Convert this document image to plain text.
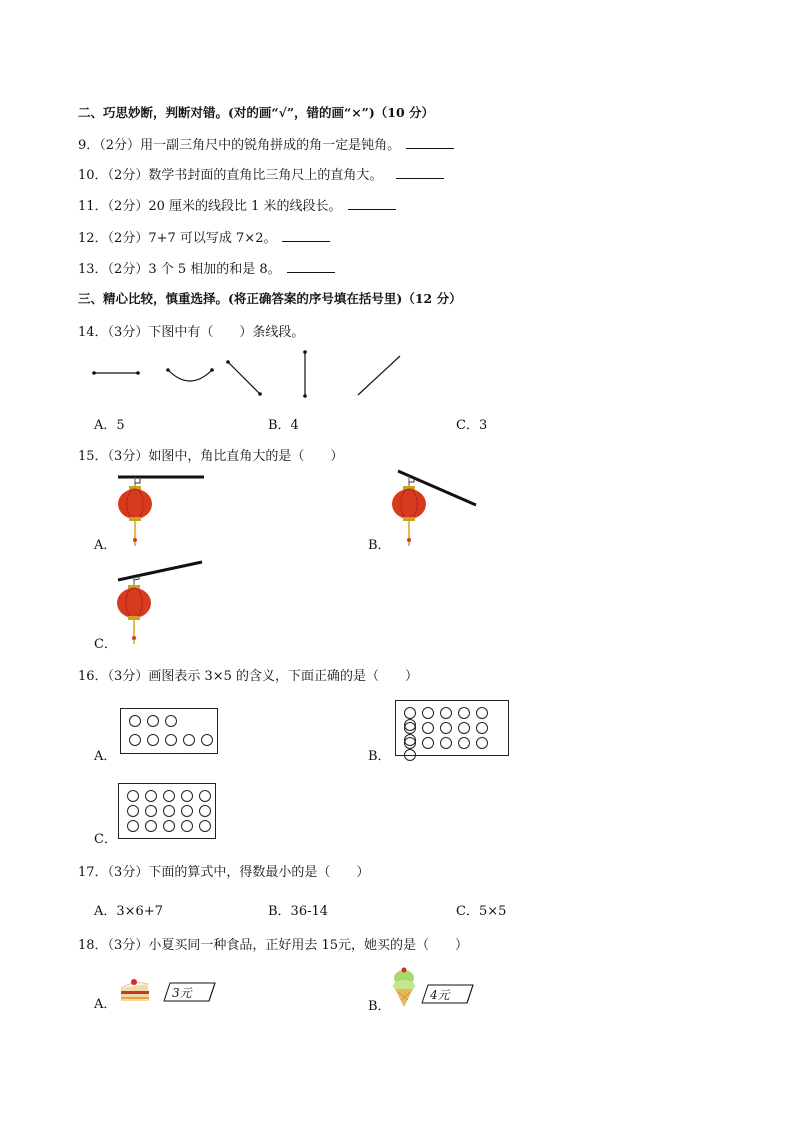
二、巧思妙断，判断对错。(对的画“√”，错的画“×”)（10 分）
9．（2分）用一副三角尺中的锐角拼成的角一定是钝角。
10．（2分）数学书封面的直角比三角尺上的直角大。
11．（2分）20 厘米的线段比 1 米的线段长。
12．（2分）7+7 可以写成 7×2。
13．（2分）3 个 5 相加的和是 8。
三、精心比较，慎重选择。(将正确答案的序号填在括号里)（12 分）
14．（3分）下图中有（　　）条线段。
A．5	B．4	C．3
15．（3分）如图中，角比直角大的是（　　）
A．	B．
C．
16．（3分）画图表示 3×5 的含义，下面正确的是（　　）
A．	B．
C．
17．（3分）下面的算式中，得数最小的是（　　）
A．3×6+7	B．36-14	C．5×5
18．（3分）小夏买同一种食品，正好用去 15元，她买的是（　　）
A．
3元
B．
4元
